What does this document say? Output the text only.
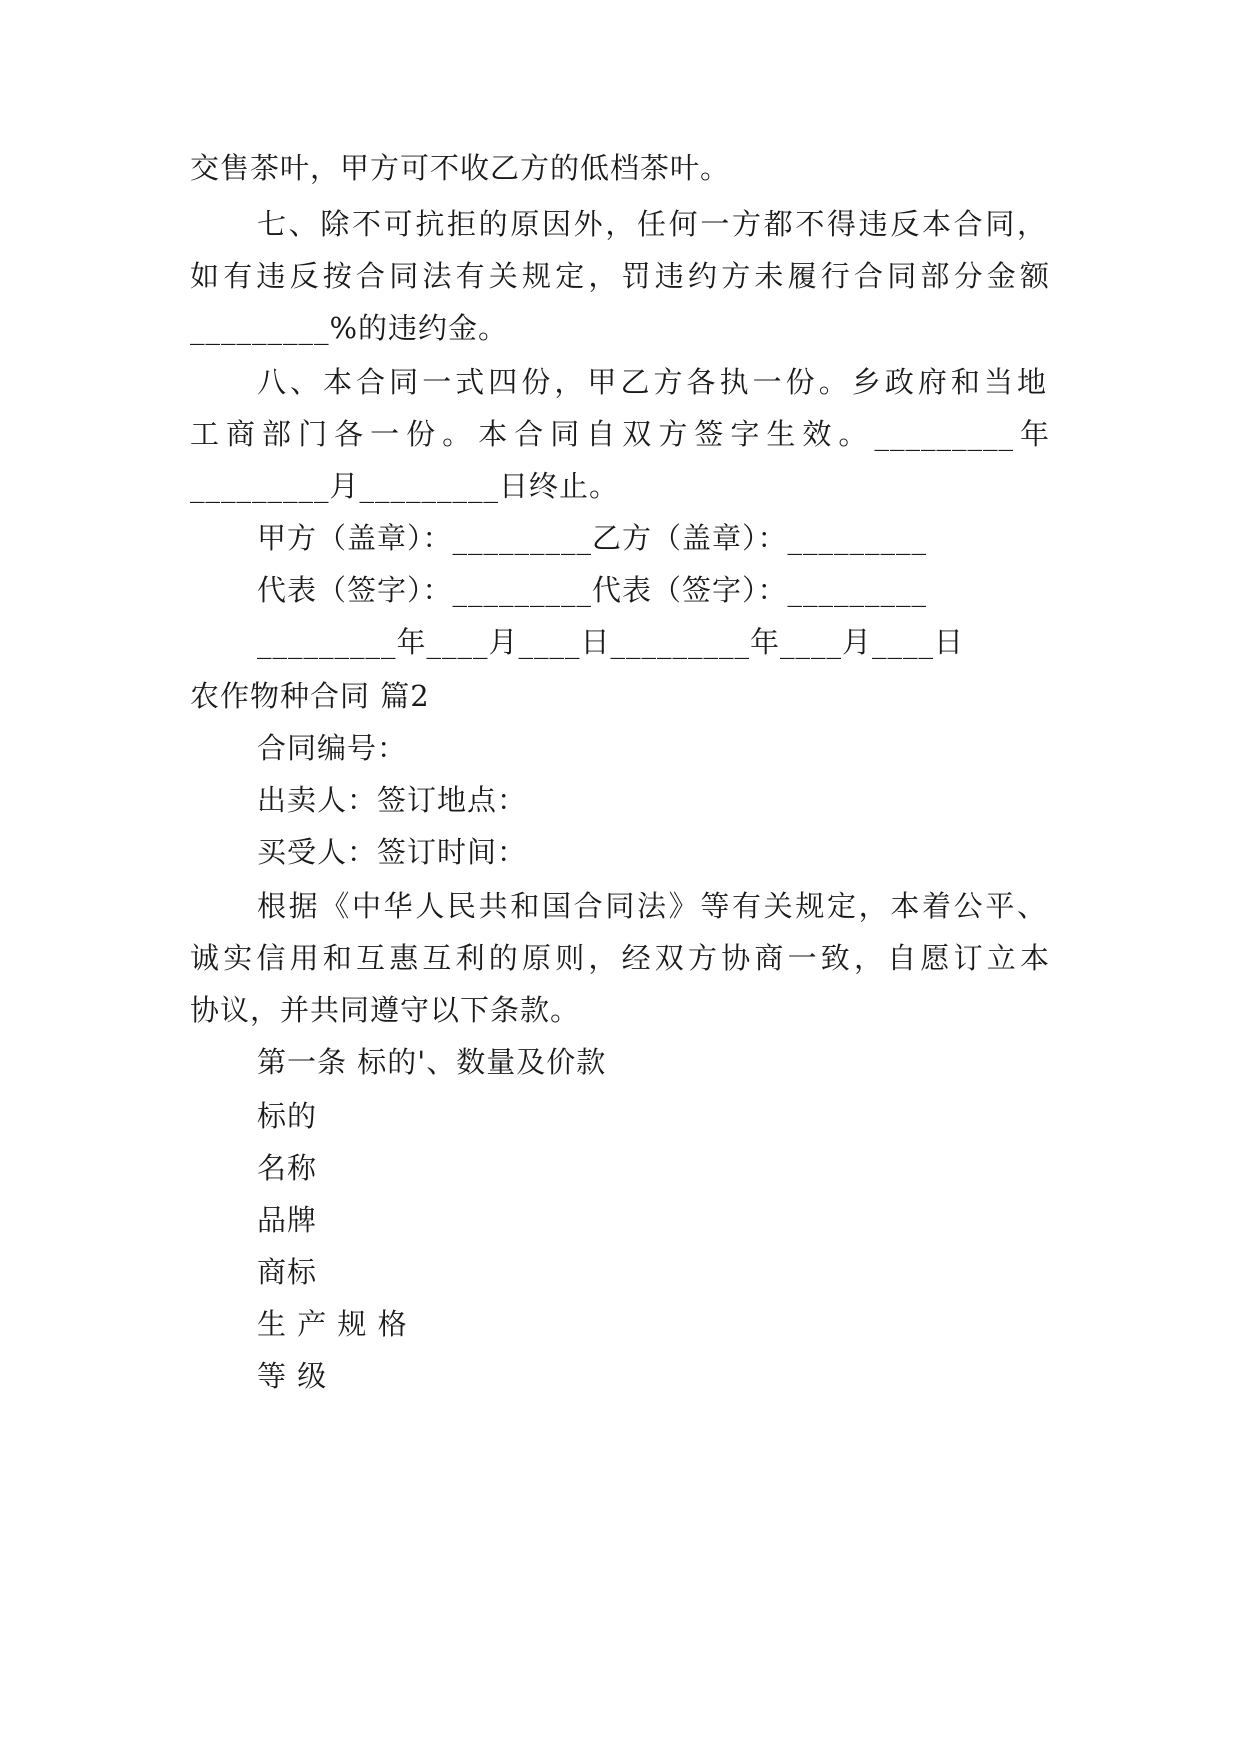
交售茶叶，甲方可不收乙方的低档茶叶。
七、除不可抗拒的原因外，任何一方都不得违反本合同，
如有违反按合同法有关规定，罚违约方未履行合同部分金额
_________%的违约金。
八、本合同一式四份，甲乙方各执一份。乡政府和当地
工商部门各一份。本合同自双方签字生效。_________年
_________月_________日终止。
甲方（盖章）：_________乙方（盖章）：_________
代表（签字）：_________代表（签字）：_________
_________年____月____日_________年____月____日
农作物种合同 篇2
合同编号：
出卖人：签订地点：
买受人：签订时间：
根据《中华人民共和国合同法》等有关规定，本着公平、
诚实信用和互惠互利的原则，经双方协商一致，自愿订立本
协议，并共同遵守以下条款。
第一条 标的'、数量及价款
标的
名称
品牌
商标
生 产 规 格
等 级
